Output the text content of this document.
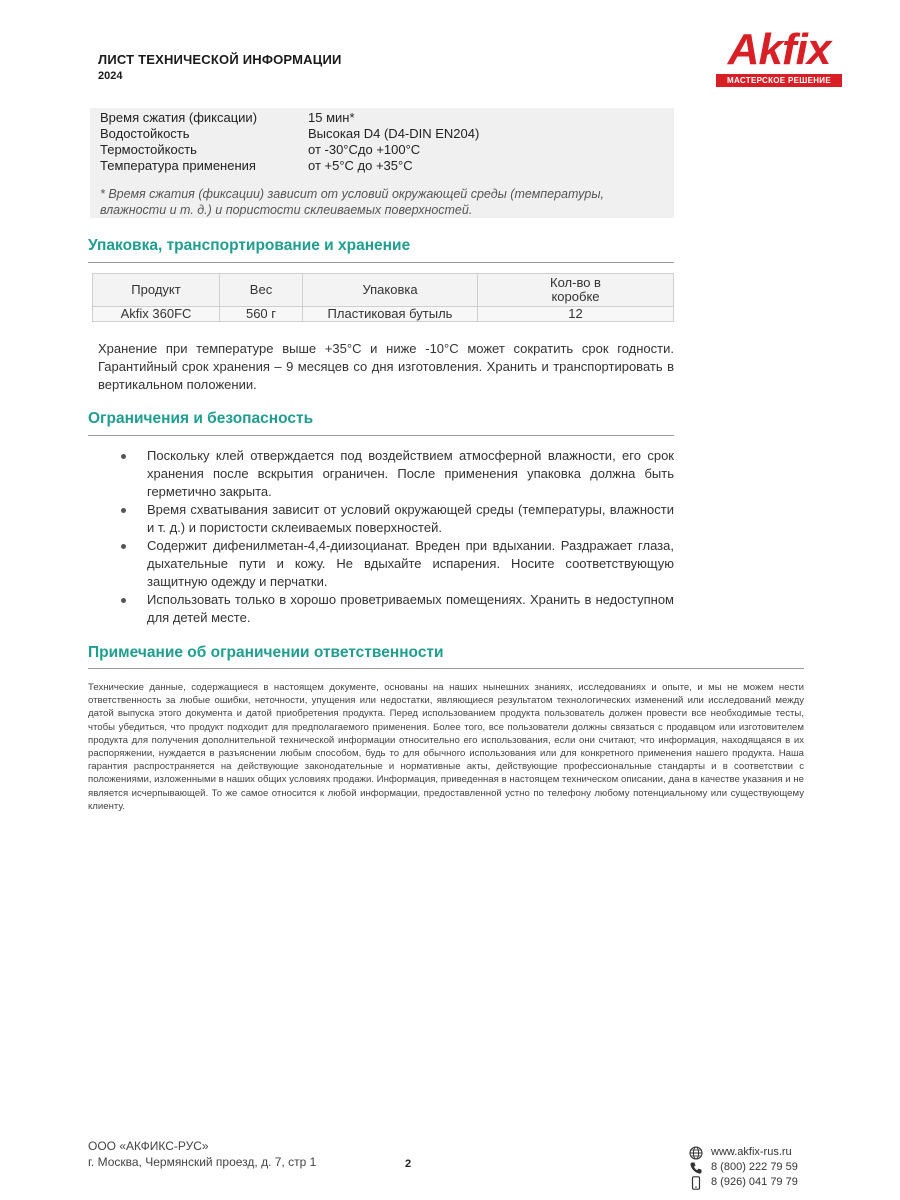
ЛИСТ ТЕХНИЧЕСКОЙ ИНФОРМАЦИИ
2024
Akfix
МАСТЕРСКОЕ РЕШЕНИЕ
Время сжатия (фиксации)	15 мин*
Водостойкость	Высокая D4 (D4-DIN EN204)
Термостойкость	от -30°Cдо +100°C
Температура применения	от +5°C до +35°C
* Время сжатия (фиксации) зависит от условий окружающей среды (температуры, влажности и т. д.) и пористости склеиваемых поверхностей.
Упаковка, транспортирование и хранение
Продукт	Вес	Упаковка	Кол-во в коробке
Akfix 360FC	560 г	Пластиковая бутыль	12
Хранение при температуре выше +35°C и ниже -10°C может сократить срок годности. Гарантийный срок хранения – 9 месяцев со дня изготовления. Хранить и транспортировать в вертикальном положении.
Ограничения и безопасность
Поскольку клей отверждается под воздействием атмосферной влажности, его срок хранения после вскрытия ограничен. После применения упаковка должна быть герметично закрыта.
Время схватывания зависит от условий окружающей среды (температуры, влажности и т. д.) и пористости склеиваемых поверхностей.
Содержит дифенилметан-4,4-диизоцианат. Вреден при вдыхании. Раздражает глаза, дыхательные пути и кожу. Не вдыхайте испарения. Носите соответствующую защитную одежду и перчатки.
Использовать только в хорошо проветриваемых помещениях. Хранить в недоступном для детей месте.
Примечание об ограничении ответственности
Технические данные, содержащиеся в настоящем документе, основаны на наших нынешних знаниях, исследованиях и опыте, и мы не можем нести ответственность за любые ошибки, неточности, упущения или недостатки, являющиеся результатом технологических изменений или исследований между датой выпуска этого документа и датой приобретения продукта. Перед использованием продукта пользователь должен провести все необходимые тесты, чтобы убедиться, что продукт подходит для предполагаемого применения. Более того, все пользователи должны связаться с продавцом или изготовителем продукта для получения дополнительной технической информации относительно его использования, если они считают, что информация, находящаяся в их распоряжении, нуждается в разъяснении любым способом, будь то для обычного использования или для конкретного применения нашего продукта. Наша гарантия распространяется на действующие законодательные и нормативные акты, действующие профессиональные стандарты и в соответствии с положениями, изложенными в наших общих условиях продажи. Информация, приведенная в настоящем техническом описании, дана в качестве указания и не является исчерпывающей. То же самое относится к любой информации, предоставленной устно по телефону любому потенциальному или существующему клиенту.
ООО «АКФИКС-РУС»
г. Москва, Чермянский проезд, д. 7, стр 1	2
www.akfix-rus.ru
8 (800) 222 79 59
8 (926) 041 79 79
